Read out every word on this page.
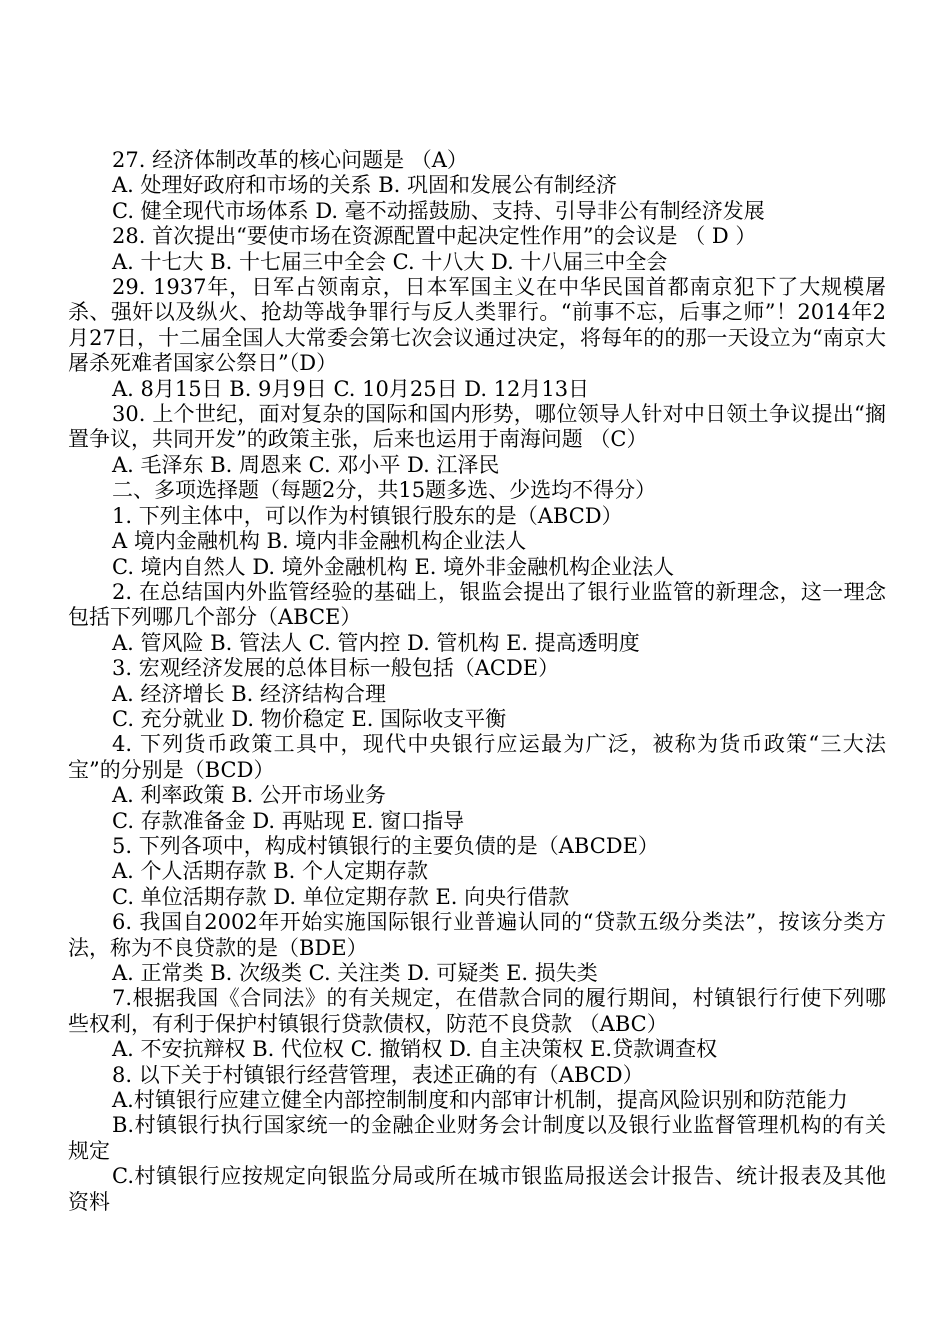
27. 经济体制改革的核心问题是 （A）

A. 处理好政府和市场的关系 B. 巩固和发展公有制经济

C. 健全现代市场体系 D. 毫不动摇鼓励、支持、引导非公有制经济发展

28. 首次提出“要使市场在资源配置中起决定性作用”的会议是 （ D ）

A. 十七大 B. 十七届三中全会 C. 十八大 D. 十八届三中全会

29. 1937年，日军占领南京，日本军国主义在中华民国首都南京犯下了大规模屠杀、强奸以及纵火、抢劫等战争罪行与反人类罪行。“前事不忘，后事之师”！2014年2月27日，十二届全国人大常委会第七次会议通过决定，将每年的的那一天设立为“南京大屠杀死难者国家公祭日”（D）

A. 8月15日 B. 9月9日 C. 10月25日 D. 12月13日

30. 上个世纪，面对复杂的国际和国内形势，哪位领导人针对中日领土争议提出“搁置争议，共同开发”的政策主张，后来也运用于南海问题 （C）

A. 毛泽东 B. 周恩来 C. 邓小平 D. 江泽民

二、多项选择题（每题2分，共15题多选、少选均不得分）

1. 下列主体中，可以作为村镇银行股东的是（ABCD）

A 境内金融机构 B. 境内非金融机构企业法人

C. 境内自然人 D. 境外金融机构 E. 境外非金融机构企业法人

2. 在总结国内外监管经验的基础上，银监会提出了银行业监管的新理念，这一理念包括下列哪几个部分（ABCE）

A. 管风险 B. 管法人 C. 管内控 D. 管机构 E. 提高透明度

3. 宏观经济发展的总体目标一般包括（ACDE）

A. 经济增长 B. 经济结构合理

C. 充分就业 D. 物价稳定 E. 国际收支平衡

4. 下列货币政策工具中，现代中央银行应运最为广泛，被称为货币政策“三大法宝”的分别是（BCD）

A. 利率政策 B. 公开市场业务

C. 存款准备金 D. 再贴现 E. 窗口指导

5. 下列各项中，构成村镇银行的主要负债的是（ABCDE）

A. 个人活期存款 B. 个人定期存款

C. 单位活期存款 D. 单位定期存款 E. 向央行借款

6. 我国自2002年开始实施国际银行业普遍认同的“贷款五级分类法”，按该分类方法，称为不良贷款的是（BDE）

A. 正常类 B. 次级类 C. 关注类 D. 可疑类 E. 损失类

7.根据我国《合同法》的有关规定，在借款合同的履行期间，村镇银行行使下列哪些权利，有利于保护村镇银行贷款债权，防范不良贷款 （ABC）

A. 不安抗辩权 B. 代位权 C. 撤销权 D. 自主决策权 E.贷款调查权

8. 以下关于村镇银行经营管理，表述正确的有（ABCD）

A.村镇银行应建立健全内部控制制度和内部审计机制，提高风险识别和防范能力

B.村镇银行执行国家统一的金融企业财务会计制度以及银行业监督管理机构的有关规定

C.村镇银行应按规定向银监分局或所在城市银监局报送会计报告、统计报表及其他资料
